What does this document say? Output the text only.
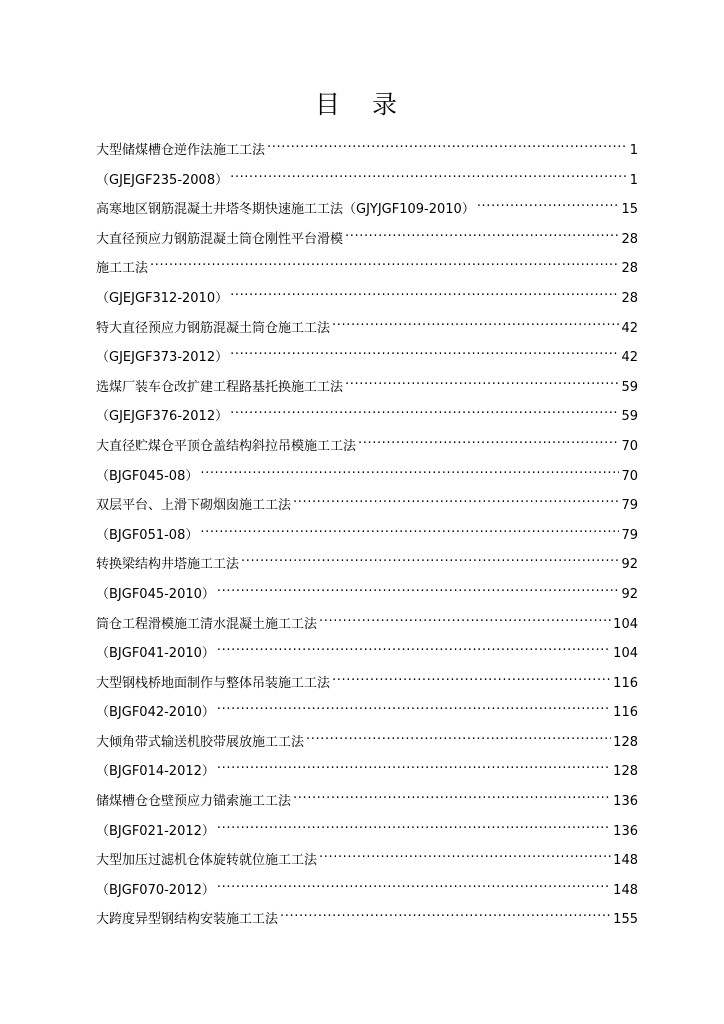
目 录
大型储煤槽仓逆作法施工工法 .....	1
（GJEJGF235-2008） .....	1
高寒地区钢筋混凝土井塔冬期快速施工工法（GJYJGF109-2010） .....	15
大直径预应力钢筋混凝土筒仓刚性平台滑模 .....	28
施工工法 .....	28
（GJEJGF312-2010） .....	28
特大直径预应力钢筋混凝土筒仓施工工法 .....	42
（GJEJGF373-2012） .....	42
选煤厂装车仓改扩建工程路基托换施工工法 .....	59
（GJEJGF376-2012） .....	59
大直径贮煤仓平顶仓盖结构斜拉吊模施工工法 .....	70
（BJGF045-08） .....	70
双层平台、上滑下砌烟囱施工工法 .....	79
（BJGF051-08） .....	79
转换梁结构井塔施工工法 .....	92
（BJGF045-2010） .....	92
筒仓工程滑模施工清水混凝土施工工法 .....	104
（BJGF041-2010） .....	104
大型钢栈桥地面制作与整体吊装施工工法 .....	116
（BJGF042-2010） .....	116
大倾角带式输送机胶带展放施工工法 .....	128
（BJGF014-2012） .....	128
储煤槽仓仓壁预应力锚索施工工法 .....	136
（BJGF021-2012） .....	136
大型加压过滤机仓体旋转就位施工工法 .....	148
（BJGF070-2012） .....	148
大跨度异型钢结构安装施工工法 .....	155
